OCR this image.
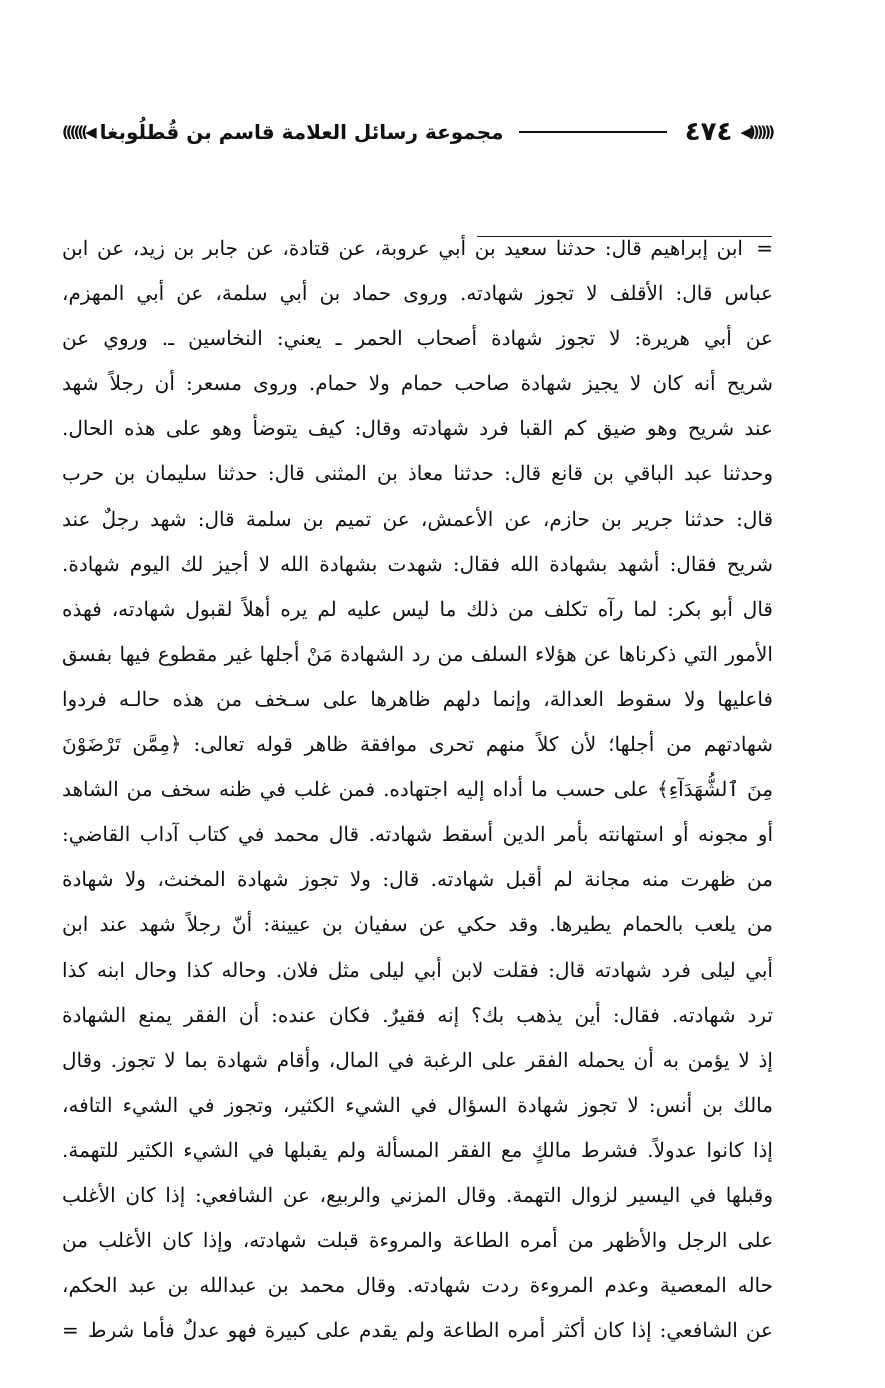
◀))))))
٤٧٤
مجموعة رسائل العلامة قاسم بن قُطلُوبغا
((((((◀
ابن إبراهيم قال: حدثنا سعيد بن أبي عروبة، عن قتادة، عن جابر بن زيد، عن ابن =
عباس قال: الأقلف لا تجوز شهادته. وروى حماد بن أبي سلمة، عن أبي المهزم،
عن أبي هريرة: لا تجوز شهادة أصحاب الحمر ـ يعني: النخاسين ـ. وروي عن
شريح أنه كان لا يجيز شهادة صاحب حمام ولا حمام. وروى مسعر: أن رجلاً شهد
عند شريح وهو ضيق كم القبا فرد شهادته وقال: كيف يتوضأ وهو على هذه الحال.
وحدثنا عبد الباقي بن قانع قال: حدثنا معاذ بن المثنى قال: حدثنا سليمان بن حرب
قال: حدثنا جرير بن حازم، عن الأعمش، عن تميم بن سلمة قال: شهد رجلٌ عند
شريح فقال: أشهد بشهادة الله فقال: شهدت بشهادة الله لا أجيز لك اليوم شهادة.
قال أبو بكر: لما رآه تكلف من ذلك ما ليس عليه لم يره أهلاً لقبول شهادته، فهذه
الأمور التي ذكرناها عن هؤلاء السلف من رد الشهادة مَنْ أجلها غير مقطوع فيها بفسق
فاعليها ولا سقوط العدالة، وإنما دلهم ظاهرها على سـخف من هذه حالـه فردوا
شهادتهم من أجلها؛ لأن كلاً منهم تحرى موافقة ظاهر قوله تعالى: ﴿مِمَّن تَرْضَوْنَ
مِنَ ٱلشُّهَدَآءِ﴾ على حسب ما أداه إليه اجتهاده. فمن غلب في ظنه سخف من الشاهد
أو مجونه أو استهانته بأمر الدين أسقط شهادته. قال محمد في كتاب آداب القاضي:
من ظهرت منه مجانة لم أقبل شهادته. قال: ولا تجوز شهادة المخنث، ولا شهادة
من يلعب بالحمام يطيرها. وقد حكي عن سفيان بن عيينة: أنّ رجلاً شهد عند ابن
أبي ليلى فرد شهادته قال: فقلت لابن أبي ليلى مثل فلان. وحاله كذا وحال ابنه كذا
ترد شهادته. فقال: أين يذهب بك؟ إنه فقيرٌ. فكان عنده: أن الفقر يمنع الشهادة
إذ لا يؤمن به أن يحمله الفقر على الرغبة في المال، وأقام شهادة بما لا تجوز. وقال
مالك بن أنس: لا تجوز شهادة السؤال في الشيء الكثير، وتجوز في الشيء التافه،
إذا كانوا عدولاً. فشرط مالكٍ مع الفقر المسألة ولم يقبلها في الشيء الكثير للتهمة.
وقبلها في اليسير لزوال التهمة. وقال المزني والربيع، عن الشافعي: إذا كان الأغلب
على الرجل والأظهر من أمره الطاعة والمروءة قبلت شهادته، وإذا كان الأغلب من
حاله المعصية وعدم المروءة ردت شهادته. وقال محمد بن عبدالله بن عبد الحكم،
عن الشافعي: إذا كان أكثر أمره الطاعة ولم يقدم على كبيرة فهو عدلٌ فأما شرط
=
